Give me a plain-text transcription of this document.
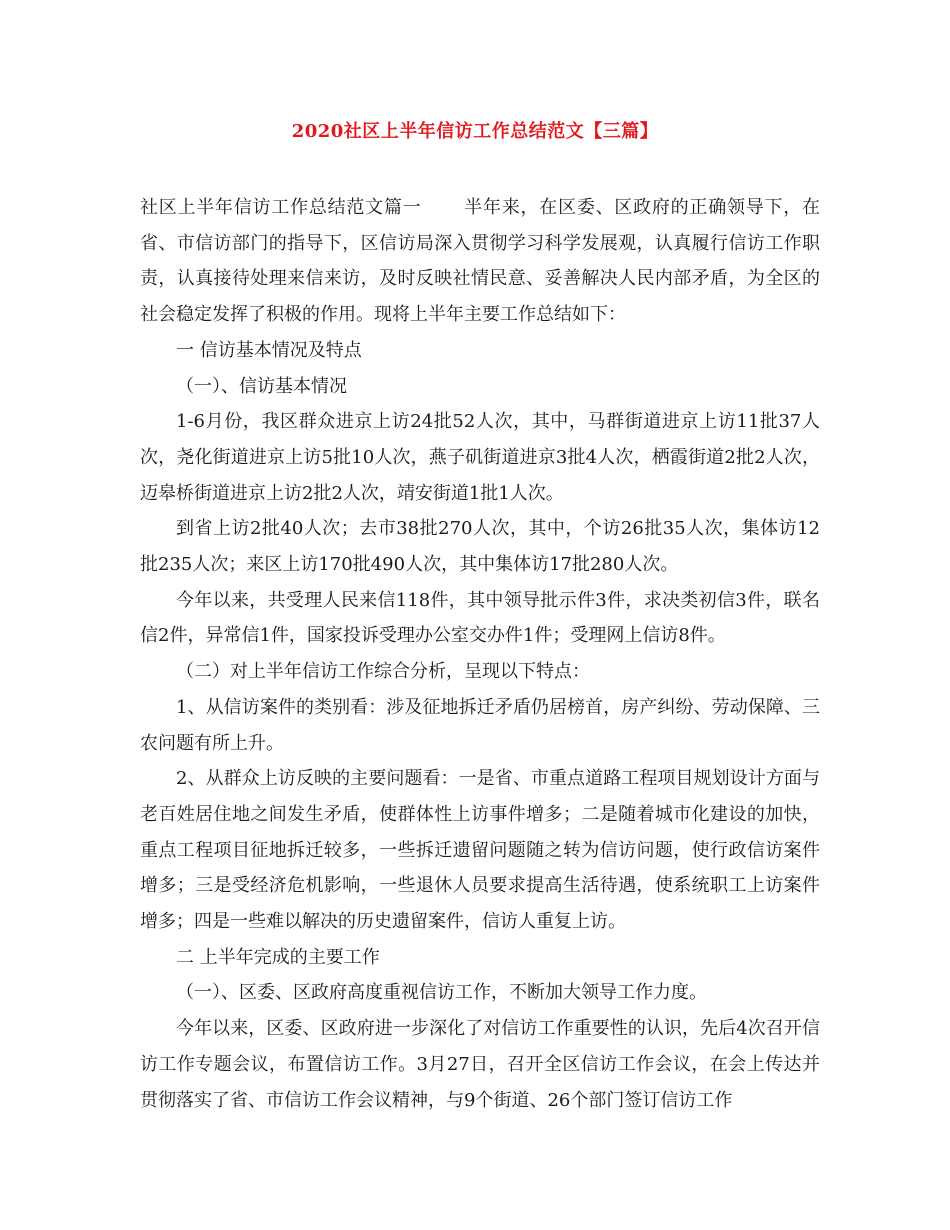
2020社区上半年信访工作总结范文【三篇】

社区上半年信访工作总结范文篇一 半年来，在区委、区政府的正确领导下，在省、市信访部门的指导下，区信访局深入贯彻学习科学发展观，认真履行信访工作职责，认真接待处理来信来访，及时反映社情民意、妥善解决人民内部矛盾，为全区的社会稳定发挥了积极的作用。现将上半年主要工作总结如下：

一 信访基本情况及特点

（一）、信访基本情况

1-6月份，我区群众进京上访24批52人次，其中，马群街道进京上访11批37人次，尧化街道进京上访5批10人次，燕子矶街道进京3批4人次，栖霞街道2批2人次，迈皋桥街道进京上访2批2人次，靖安街道1批1人次。

到省上访2批40人次；去市38批270人次，其中，个访26批35人次，集体访12批235人次；来区上访170批490人次，其中集体访17批280人次。

今年以来，共受理人民来信118件，其中领导批示件3件，求决类初信3件，联名信2件，异常信1件，国家投诉受理办公室交办件1件；受理网上信访8件。

（二）对上半年信访工作综合分析，呈现以下特点：

1、从信访案件的类别看：涉及征地拆迁矛盾仍居榜首，房产纠纷、劳动保障、三农问题有所上升。

2、从群众上访反映的主要问题看：一是省、市重点道路工程项目规划设计方面与老百姓居住地之间发生矛盾，使群体性上访事件增多；二是随着城市化建设的加快，重点工程项目征地拆迁较多，一些拆迁遗留问题随之转为信访问题，使行政信访案件增多；三是受经济危机影响，一些退休人员要求提高生活待遇，使系统职工上访案件增多；四是一些难以解决的历史遗留案件，信访人重复上访。

二 上半年完成的主要工作

（一）、区委、区政府高度重视信访工作，不断加大领导工作力度。

今年以来，区委、区政府进一步深化了对信访工作重要性的认识，先后4次召开信访工作专题会议，布置信访工作。3月27日，召开全区信访工作会议，在会上传达并贯彻落实了省、市信访工作会议精神，与9个街道、26个部门签订信访工作
